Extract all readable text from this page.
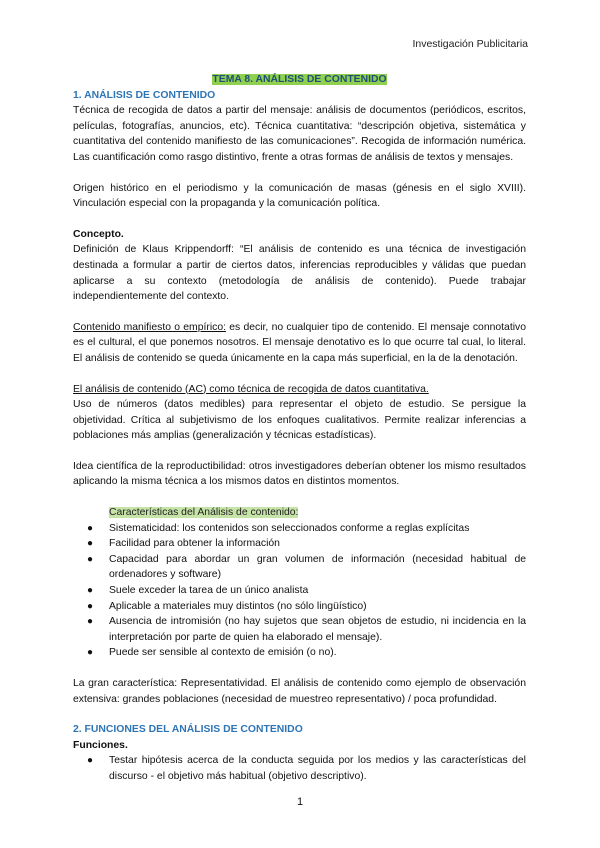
Investigación Publicitaria
TEMA 8. ANÁLISIS DE CONTENIDO
1. ANÁLISIS DE CONTENIDO

Técnica de recogida de datos a partir del mensaje: análisis de documentos (periódicos, escritos, películas, fotografías, anuncios, etc). Técnica cuantitativa: “descripción objetiva, sistemática y cuantitativa del contenido manifiesto de las comunicaciones”. Recogida de información numérica. Las cuantificación como rasgo distintivo, frente a otras formas de análisis de textos y mensajes.

Origen histórico en el periodismo y la comunicación de masas (génesis en el siglo XVIII). Vinculación especial con la propaganda y la comunicación política.

Concepto.

Definición de Klaus Krippendorff: “El análisis de contenido es una técnica de investigación destinada a formular a partir de ciertos datos, inferencias reproducibles y válidas que puedan aplicarse a su contexto (metodología de análisis de contenido). Puede trabajar independientemente del contexto.

Contenido manifiesto o empírico: es decir, no cualquier tipo de contenido. El mensaje connotativo es el cultural, el que ponemos nosotros. El mensaje denotativo es lo que ocurre tal cual, lo literal. El análisis de contenido se queda únicamente en la capa más superficial, en la de la denotación.

El análisis de contenido (AC) como técnica de recogida de datos cuantitativa.

Uso de números (datos medibles) para representar el objeto de estudio. Se persigue la objetividad. Crítica al subjetivismo de los enfoques cualitativos. Permite realizar inferencias a poblaciones más amplias (generalización y técnicas estadísticas).

Idea científica de la reproductibilidad: otros investigadores deberían obtener los mismo resultados aplicando la misma técnica a los mismos datos en distintos momentos.

Características del Análisis de contenido:
● Sistematicidad: los contenidos son seleccionados conforme a reglas explícitas
● Facilidad para obtener la información
● Capacidad para abordar un gran volumen de información (necesidad habitual de ordenadores y software)
● Suele exceder la tarea de un único analista
● Aplicable a materiales muy distintos (no sólo lingüístico)
● Ausencia de intromisión (no hay sujetos que sean objetos de estudio, ni incidencia en la interpretación por parte de quien ha elaborado el mensaje).
● Puede ser sensible al contexto de emisión (o no).

La gran característica: Representatividad. El análisis de contenido como ejemplo de observación extensiva: grandes poblaciones (necesidad de muestreo representativo) / poca profundidad.

2. FUNCIONES DEL ANÁLISIS DE CONTENIDO
Funciones.
● Testar hipótesis acerca de la conducta seguida por los medios y las características del discurso - el objetivo más habitual (objetivo descriptivo).
1
